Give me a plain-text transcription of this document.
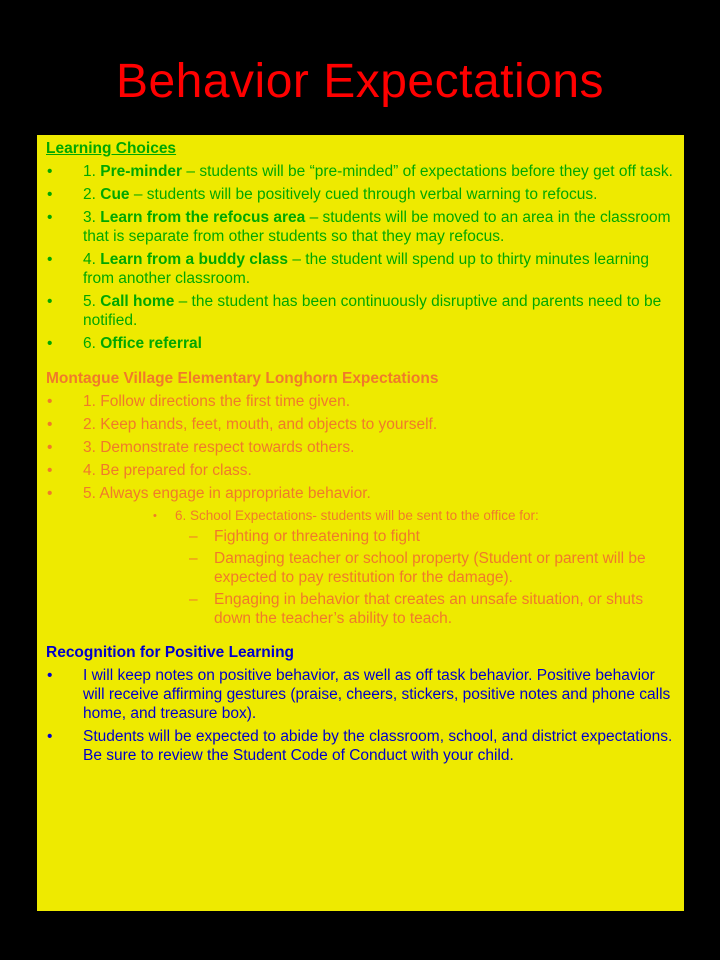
Behavior Expectations

Learning Choices

• 1. Pre-minder – students will be “pre-minded” of expectations before they get off task.
• 2. Cue – students will be positively cued through verbal warning to refocus.
• 3. Learn from the refocus area – students will be moved to an area in the classroom that is separate from other students so that they may refocus.
• 4. Learn from a buddy class – the student will spend up to thirty minutes learning from another classroom.
• 5. Call home – the student has been continuously disruptive and parents need to be notified.
• 6. Office referral

Montague Village Elementary Longhorn Expectations

• 1. Follow directions the first time given.
• 2. Keep hands, feet, mouth, and objects to yourself.
• 3. Demonstrate respect towards others.
• 4. Be prepared for class.
• 5. Always engage in appropriate behavior.
• 6. School Expectations- students will be sent to the office for:
– Fighting or threatening to fight
– Damaging teacher or school property (Student or parent will be expected to pay restitution for the damage).
– Engaging in behavior that creates an unsafe situation, or shuts down the teacher’s ability to teach.

Recognition for Positive Learning

• I will keep notes on positive behavior, as well as off task behavior. Positive behavior will receive affirming gestures (praise, cheers, stickers, positive notes and phone calls home, and treasure box).
• Students will be expected to abide by the classroom, school, and district expectations. Be sure to review the Student Code of Conduct with your child.
